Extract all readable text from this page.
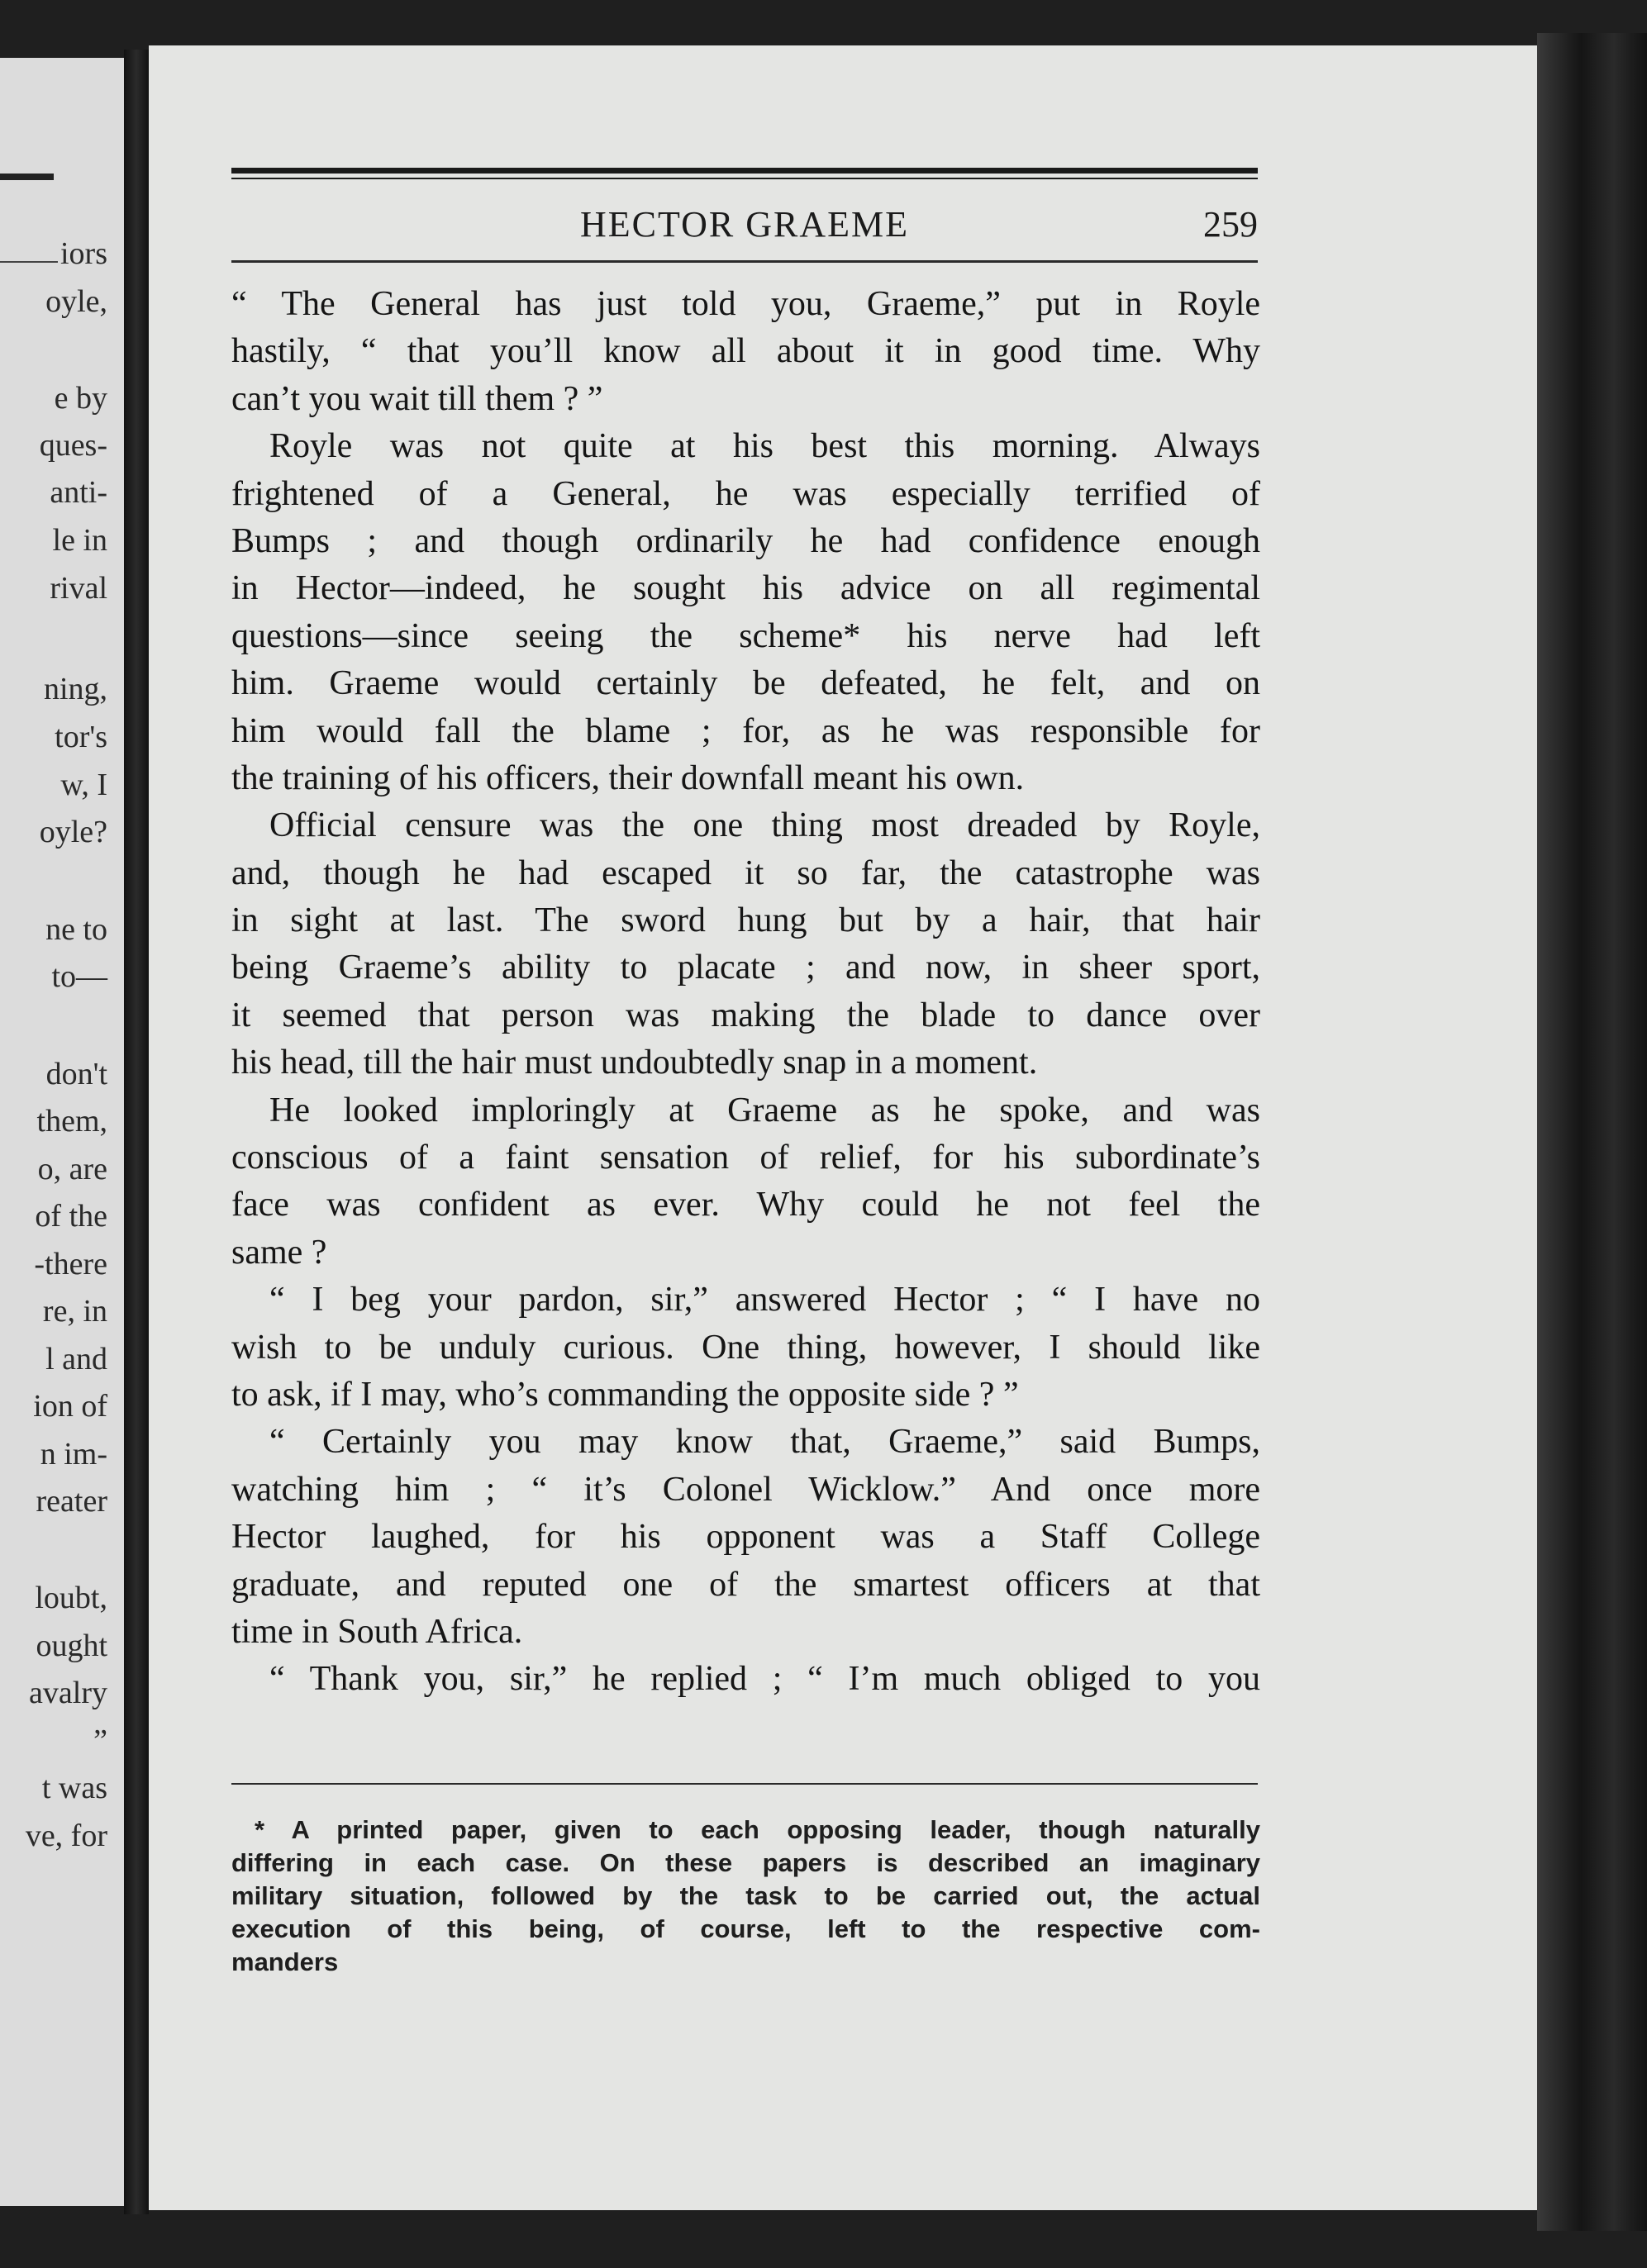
iors
oyle,
e by
ques-
anti-
le in
rival
ning,
tor's
w, I
oyle?
ne to
to—
don't
them,
o, are
of the
-there
re, in
l and
ion of
n im-
reater
loubt,
ought
avalry
”
t was
ve, for
HECTOR GRAEME	259
“ The General has just told you, Graeme,” put in Royle
hastily, “ that you’ll know all about it in good time. Why
can’t you wait till them ? ”
Royle was not quite at his best this morning. Always
frightened of a General, he was especially terrified of
Bumps ; and though ordinarily he had confidence enough
in Hector—indeed, he sought his advice on all regimental
questions—since seeing the scheme* his nerve had left
him. Graeme would certainly be defeated, he felt, and on
him would fall the blame ; for, as he was responsible for
the training of his officers, their downfall meant his own.
Official censure was the one thing most dreaded by Royle,
and, though he had escaped it so far, the catastrophe was
in sight at last. The sword hung but by a hair, that hair
being Graeme’s ability to placate ; and now, in sheer sport,
it seemed that person was making the blade to dance over
his head, till the hair must undoubtedly snap in a moment.
He looked imploringly at Graeme as he spoke, and was
conscious of a faint sensation of relief, for his subordinate’s
face was confident as ever. Why could he not feel the
same ?
“ I beg your pardon, sir,” answered Hector ; “ I have no
wish to be unduly curious. One thing, however, I should like
to ask, if I may, who’s commanding the opposite side ? ”
“ Certainly you may know that, Graeme,” said Bumps,
watching him ; “ it’s Colonel Wicklow.” And once more
Hector laughed, for his opponent was a Staff College
graduate, and reputed one of the smartest officers at that
time in South Africa.
“ Thank you, sir,” he replied ; “ I’m much obliged to you
* A printed paper, given to each opposing leader, though naturally
differing in each case. On these papers is described an imaginary
military situation, followed by the task to be carried out, the actual
execution of this being, of course, left to the respective com-
manders
